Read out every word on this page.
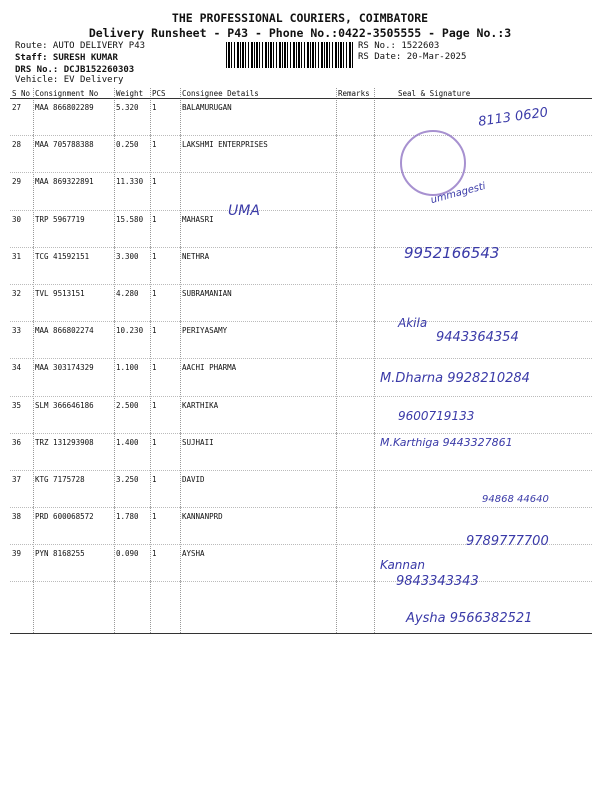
THE PROFESSIONAL COURIERS, COIMBATORE
Delivery Runsheet - P43 - Phone No.:0422-3505555 - Page No.:3
Route: AUTO DELIVERY P43
Staff: SURESH KUMAR
DRS No.: DCJB152260303
Vehicle: EV Delivery
RS No.: 1522603
RS Date: 20-Mar-2025
S No	Consignment No	Weight	PCS	Consignee Details	Remarks	Seal & Signature
27	MAA 866802289	5.320	1	BALAMURUGAN		
28	MAA 705788388	0.250	1	LAKSHMI ENTERPRISES		
29	MAA 869322891	11.330	1			
30	TRP 5967719	15.580	1	MAHASRI		
31	TCG 41592151	3.300	1	NETHRA		
32	TVL 9513151	4.280	1	SUBRAMANIAN		
33	MAA 866802274	10.230	1	PERIYASAMY		
34	MAA 303174329	1.100	1	AACHI PHARMA		
35	SLM 366646186	2.500	1	KARTHIKA		
36	TRZ 131293908	1.400	1	SUJHAII		
37	KTG 7175728	3.250	1	DAVID		
38	PRD 600068572	1.780	1	KANNANPRD		
39	PYN 8168255	0.090	1	AYSHA		
8113 0620
UMA
ummagesti
9952166543
Akila
9443364354
M.Dharna 9928210284
9600719133
M.Karthiga 9443327861
94868 44640
9789777700
Kannan
9843343343
Aysha 9566382521
